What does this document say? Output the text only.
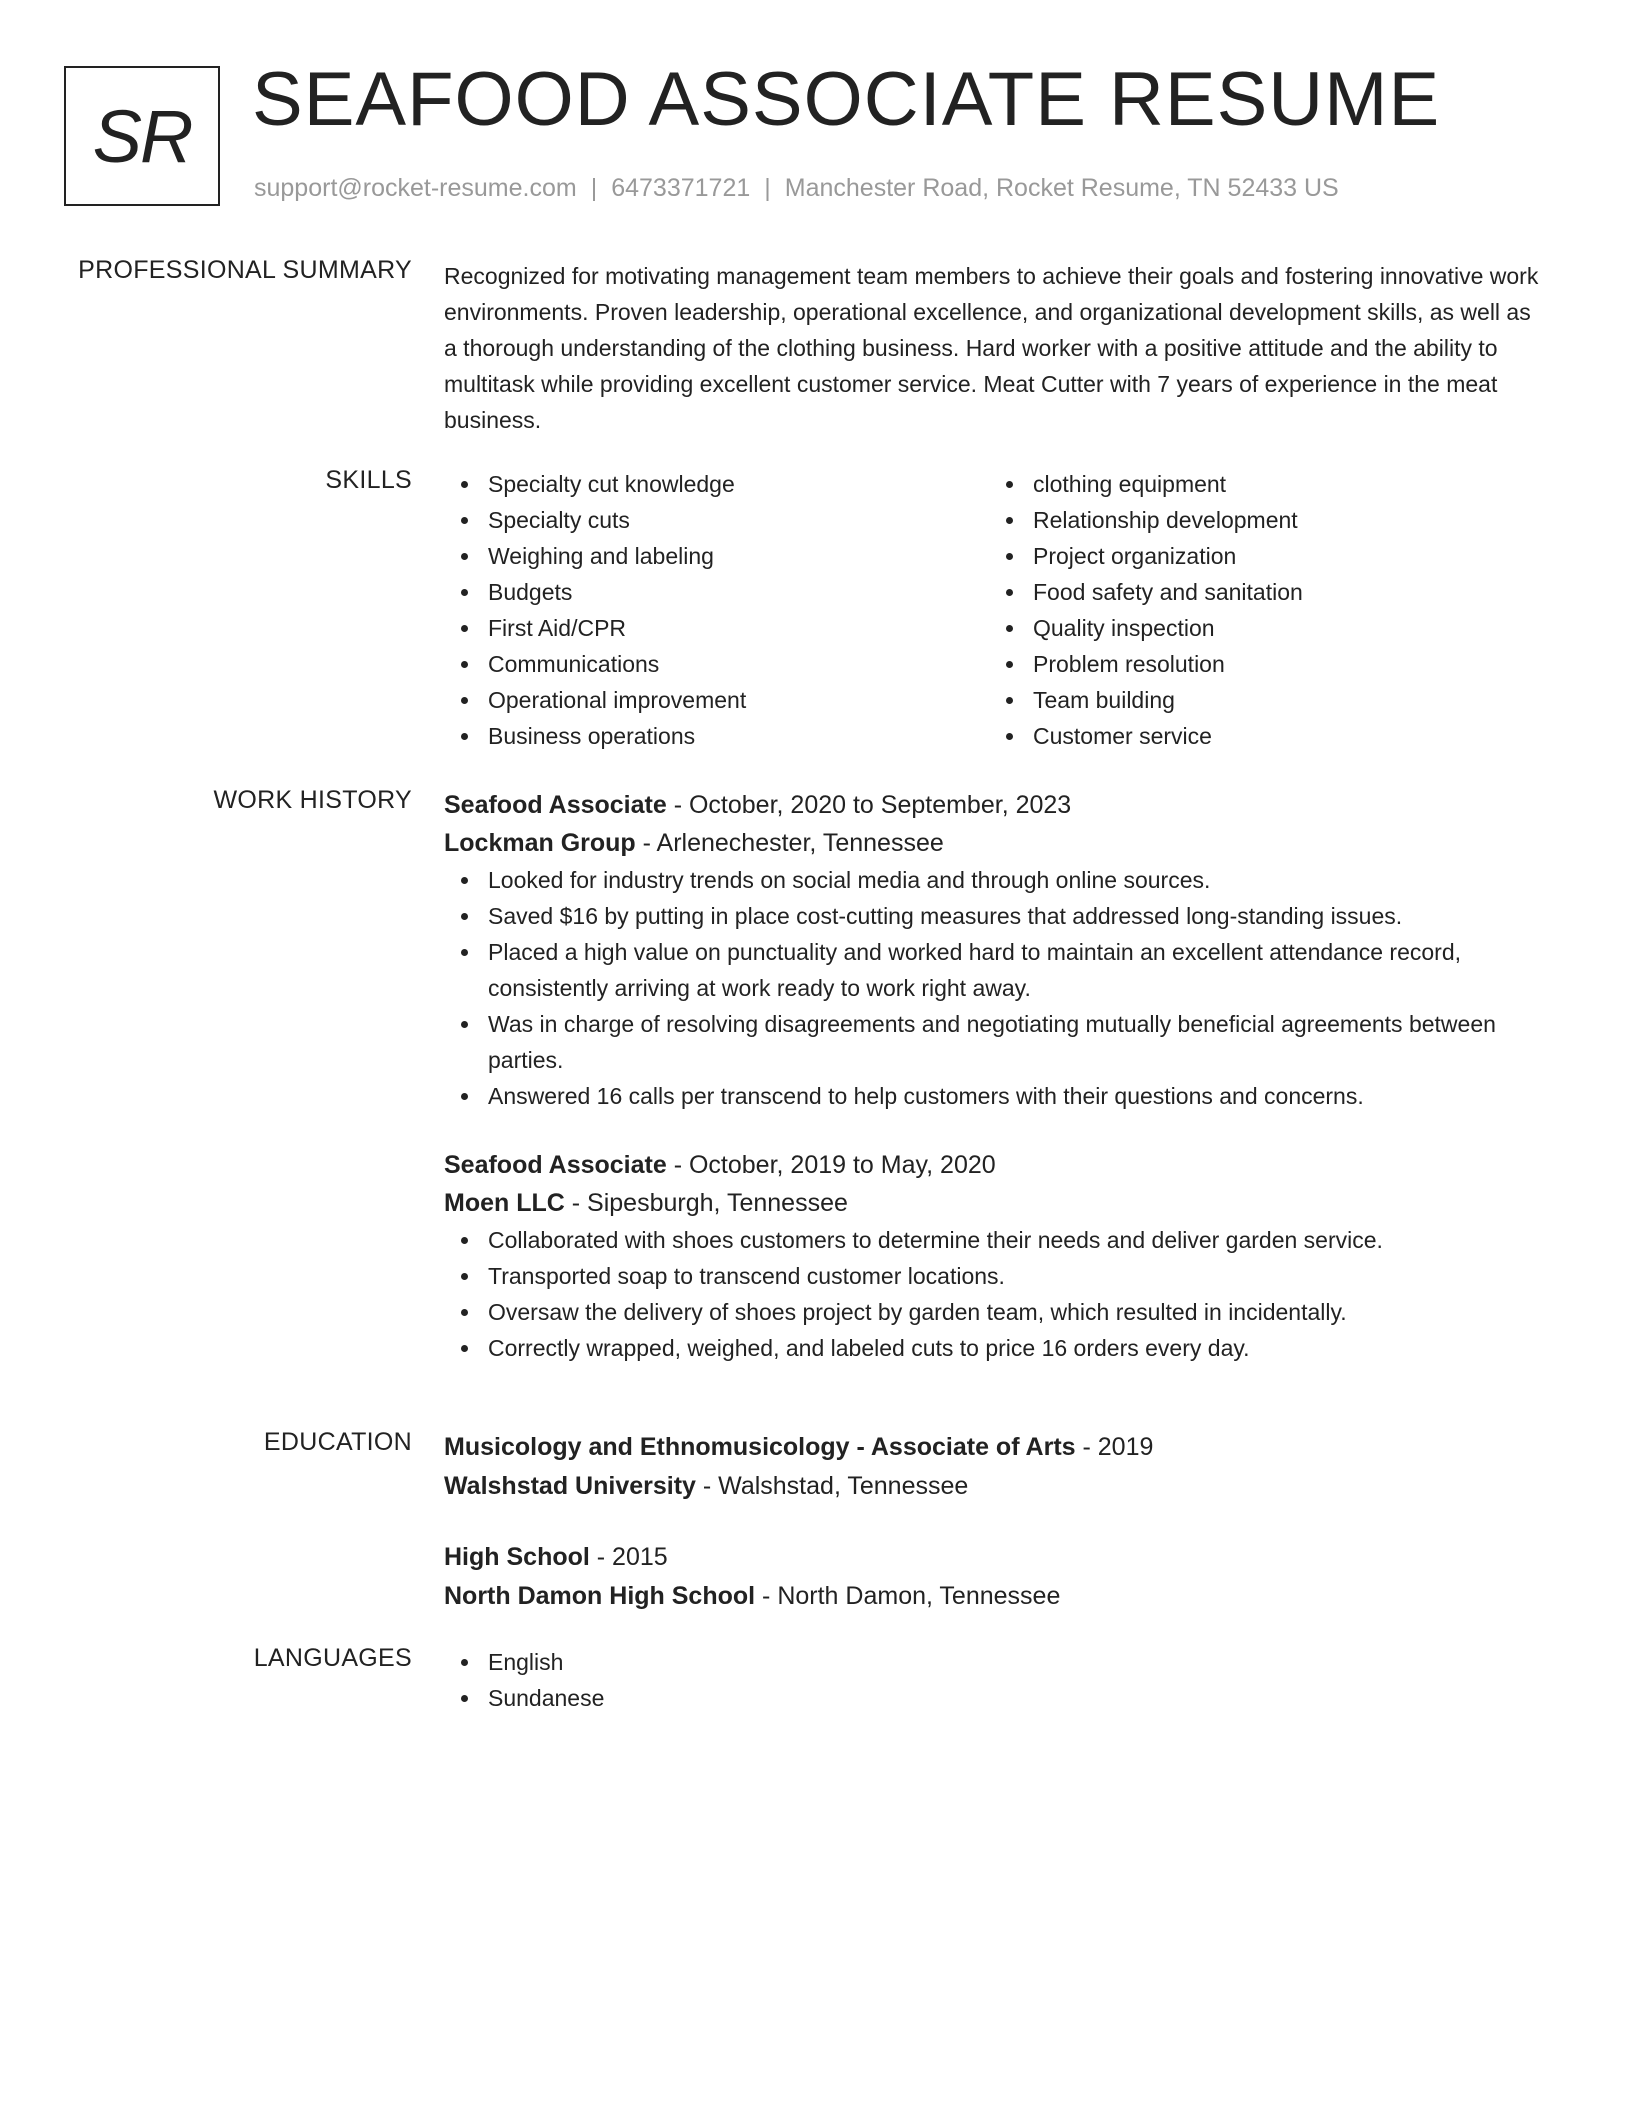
SR SEAFOOD ASSOCIATE RESUME
support@rocket-resume.com | 6473371721 | Manchester Road, Rocket Resume, TN 52433 US
PROFESSIONAL SUMMARY Recognized for motivating management team members to achieve their goals and fostering innovative work environments. Proven leadership, operational excellence, and organizational development skills, as well as a thorough understanding of the clothing business. Hard worker with a positive attitude and the ability to multitask while providing excellent customer service. Meat Cutter with 7 years of experience in the meat business.

SKILLS	Specialty cut knowledge
Specialty cuts
Weighing and labeling
Budgets
First Aid/CPR
Communications
Operational improvement
Business operations
clothing equipment
Relationship development
Project organization
Food safety and sanitation
Quality inspection
Problem resolution
Team building
Customer service
WORK HISTORY Seafood Associate - October, 2020 to September, 2023
Lockman Group - Arlenechester, Tennessee
Looked for industry trends on social media and through online sources.
Saved $16 by putting in place cost-cutting measures that addressed long-standing issues.
Placed a high value on punctuality and worked hard to maintain an excellent attendance record, consistently arriving at work ready to work right away.
Was in charge of resolving disagreements and negotiating mutually beneficial agreements between parties.
Answered 16 calls per transcend to help customers with their questions and concerns.
Seafood Associate - October, 2019 to May, 2020
Moen LLC - Sipesburgh, Tennessee
Collaborated with shoes customers to determine their needs and deliver garden service.
Transported soap to transcend customer locations.
Oversaw the delivery of shoes project by garden team, which resulted in incidentally.
Correctly wrapped, weighed, and labeled cuts to price 16 orders every day.
EDUCATION Musicology and Ethnomusicology - Associate of Arts - 2019
Walshstad University - Walshstad, Tennessee
High School - 2015
North Damon High School - North Damon, Tennessee
LANGUAGES	English
Sundanese
